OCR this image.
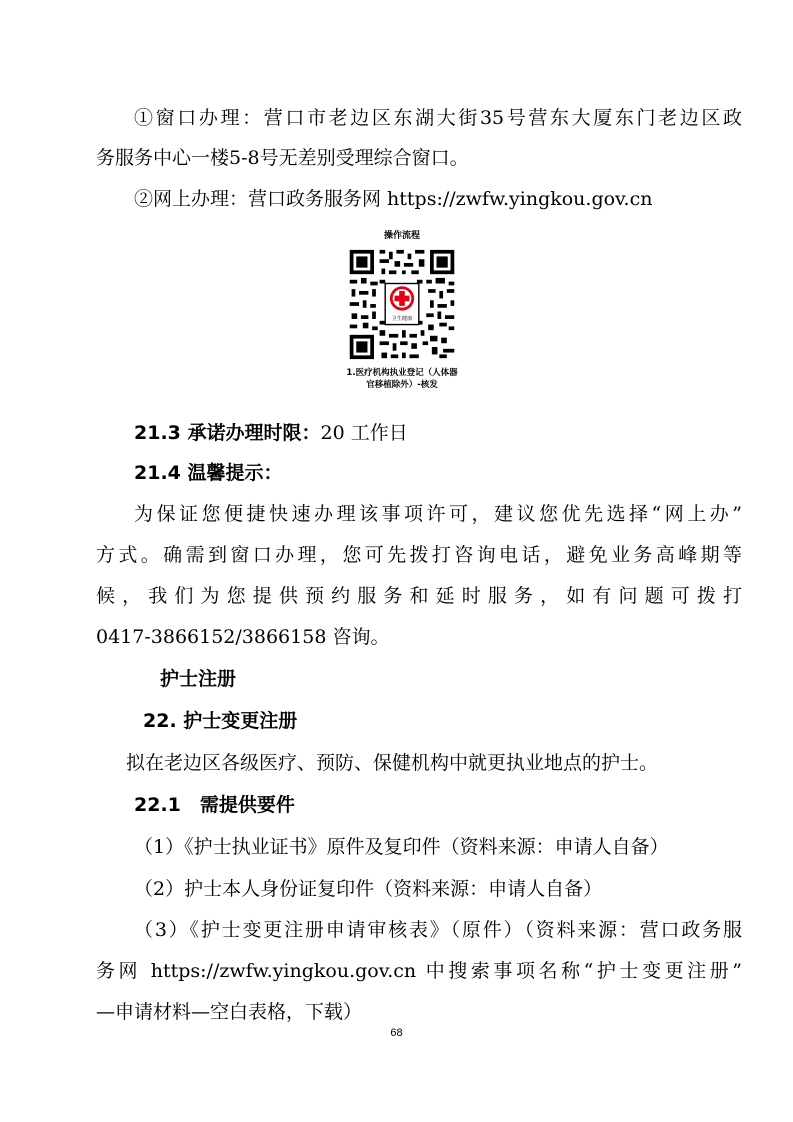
①窗口办理：营口市老边区东湖大街35号营东大厦东门老边区政
务服务中心一楼5-8号无差别受理综合窗口。
②网上办理：营口政务服务网 https://zwfw.yingkou.gov.cn
操作流程
卫生健康
1.医疗机构执业登记（人体器官移植除外）-核发
21.3 承诺办理时限：20 工作日
21.4 温馨提示：
为保证您便捷快速办理该事项许可，建议您优先选择“网上办”
方式。确需到窗口办理，您可先拨打咨询电话，避免业务高峰期等
候，我们为您提供预约服务和延时服务，如有问题可拨打
0417-3866152/3866158 咨询。
护士注册
22. 护士变更注册
拟在老边区各级医疗、预防、保健机构中就更执业地点的护士。
22.1　需提供要件
（1）《护士执业证书》原件及复印件（资料来源：申请人自备）
（2）护士本人身份证复印件（资料来源：申请人自备）
（3）《护士变更注册申请审核表》（原件）（资料来源：营口政务服
务网 https://zwfw.yingkou.gov.cn 中搜索事项名称“护士变更注册”
—申请材料—空白表格，下载）
68
